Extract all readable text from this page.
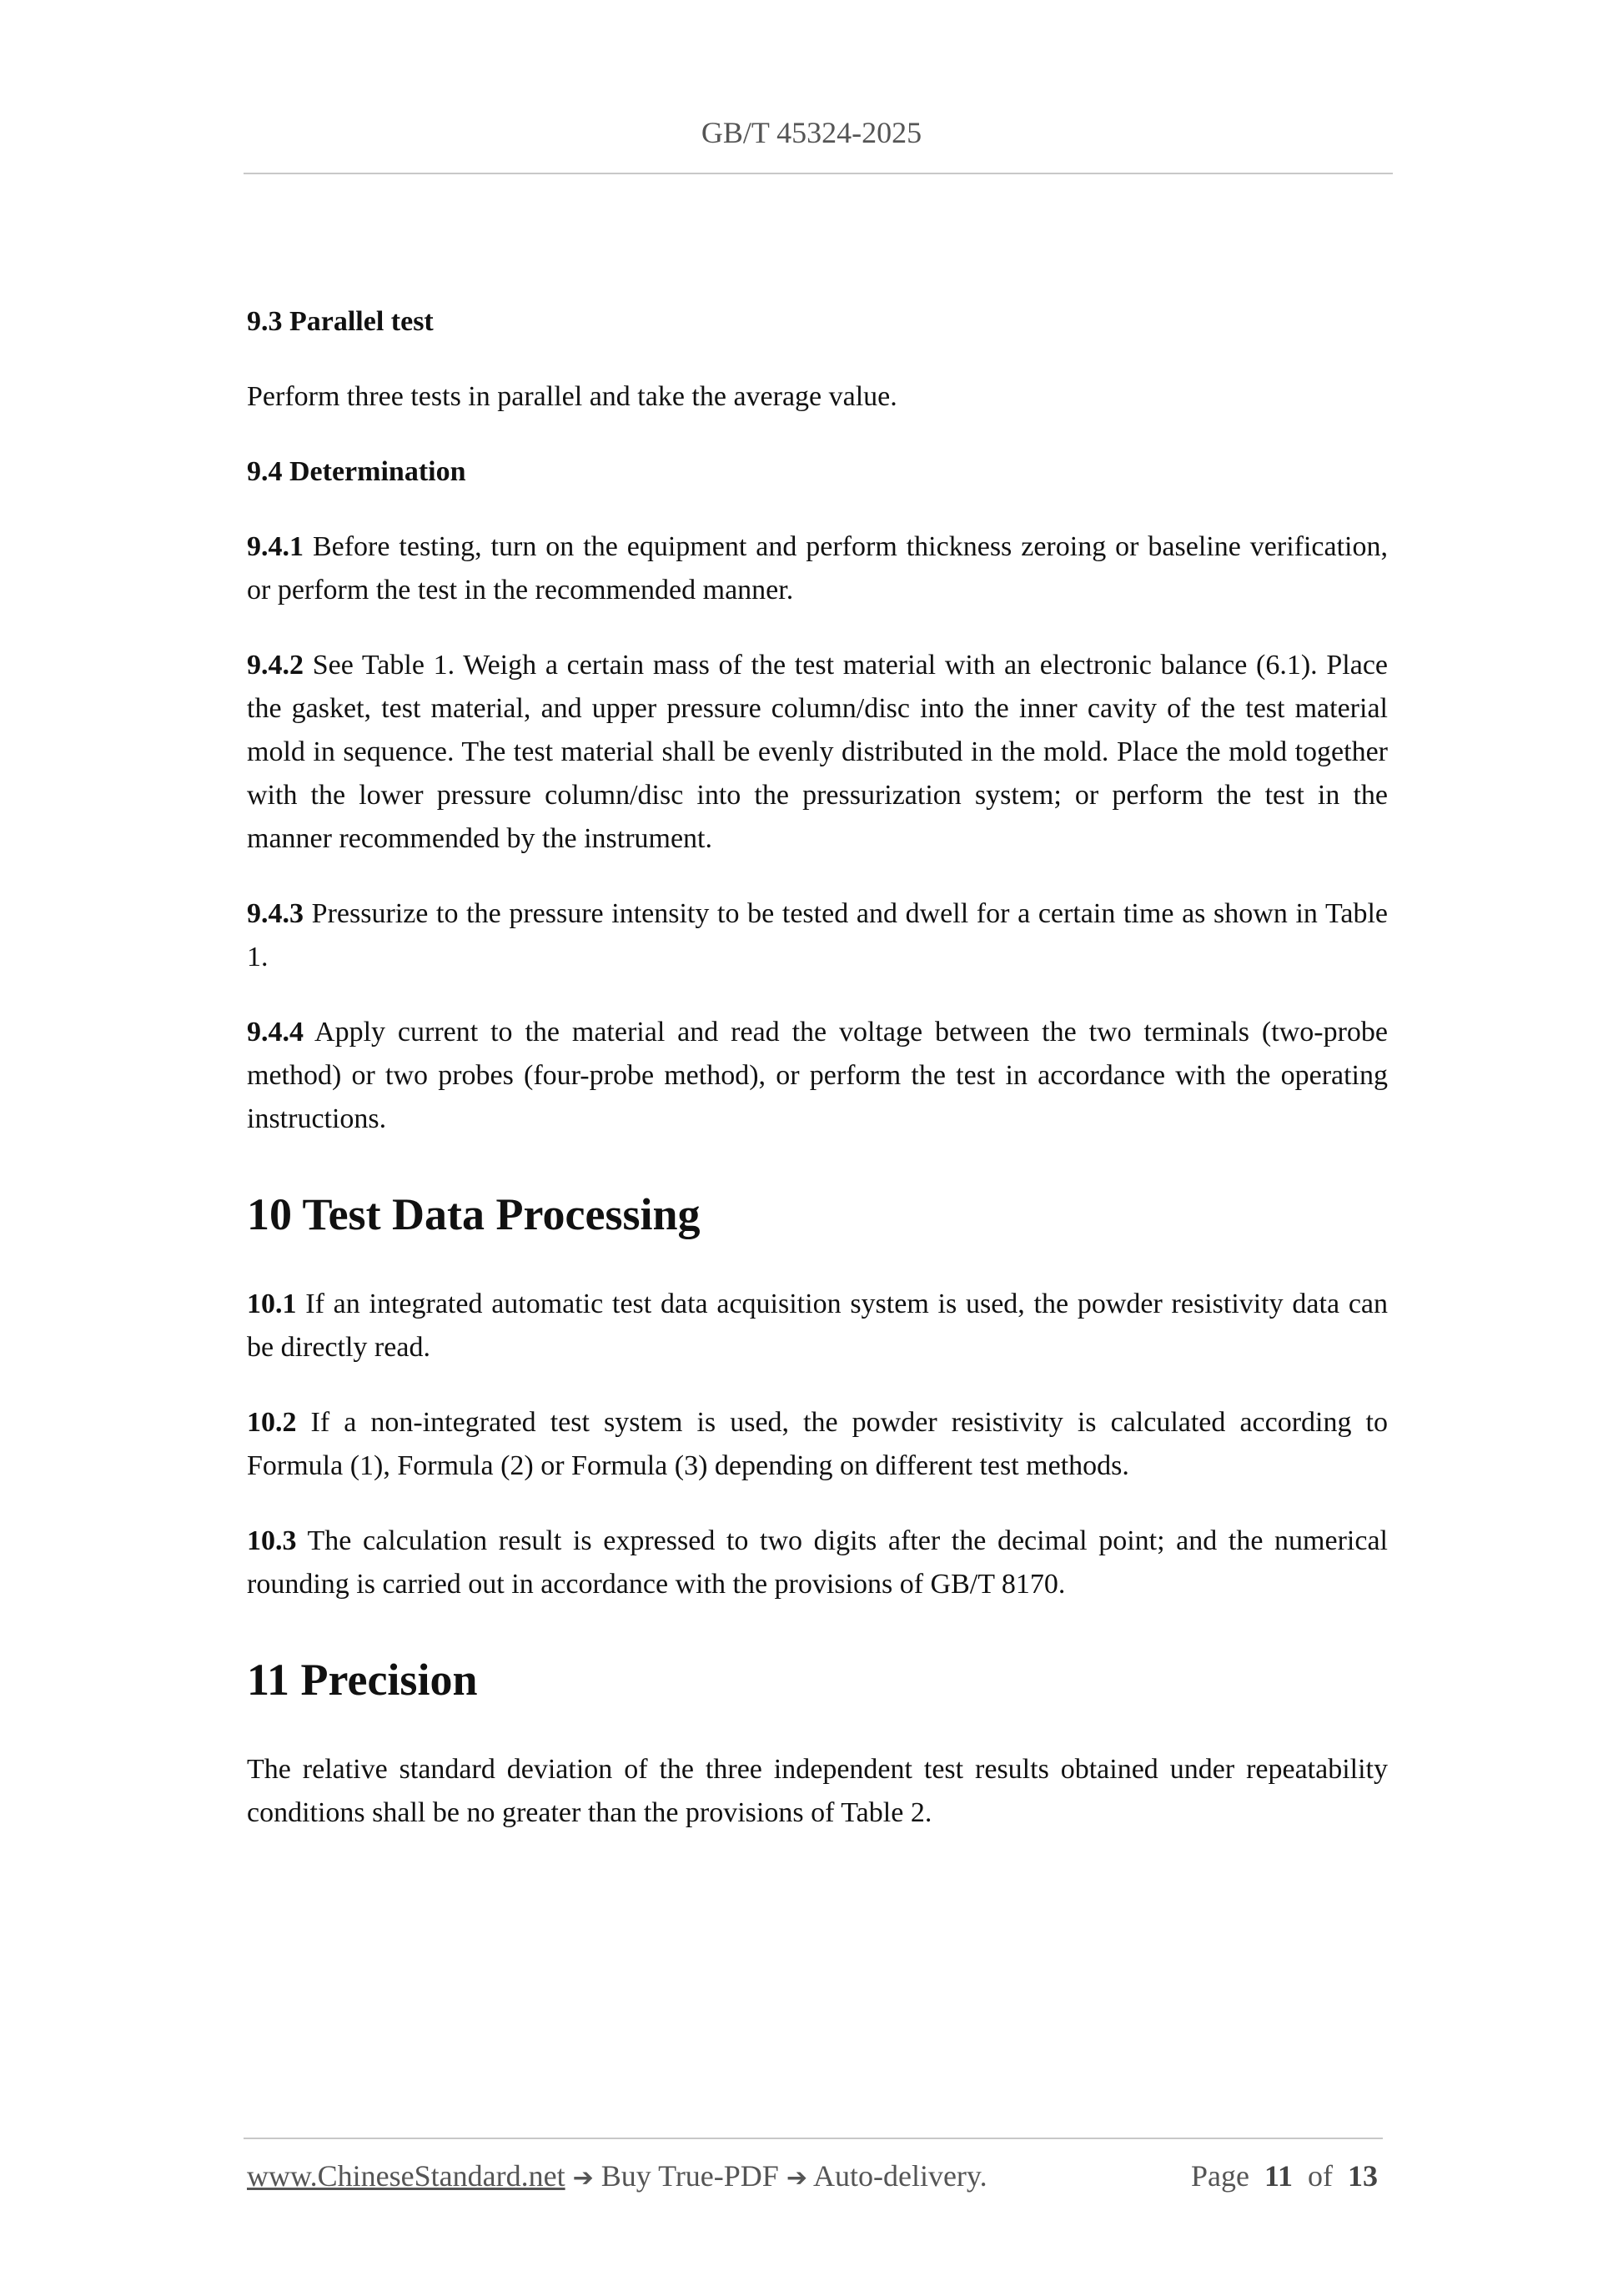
GB/T 45324-2025

9.3 Parallel test

Perform three tests in parallel and take the average value.

9.4 Determination

9.4.1 Before testing, turn on the equipment and perform thickness zeroing or baseline verification, or perform the test in the recommended manner.

9.4.2 See Table 1. Weigh a certain mass of the test material with an electronic balance (6.1). Place the gasket, test material, and upper pressure column/disc into the inner cavity of the test material mold in sequence. The test material shall be evenly distributed in the mold. Place the mold together with the lower pressure column/disc into the pressurization system; or perform the test in the manner recommended by the instrument.

9.4.3 Pressurize to the pressure intensity to be tested and dwell for a certain time as shown in Table 1.

9.4.4 Apply current to the material and read the voltage between the two terminals (two-probe method) or two probes (four-probe method), or perform the test in accordance with the operating instructions.

10 Test Data Processing

10.1 If an integrated automatic test data acquisition system is used, the powder resistivity data can be directly read.

10.2 If a non-integrated test system is used, the powder resistivity is calculated according to Formula (1), Formula (2) or Formula (3) depending on different test methods.

10.3 The calculation result is expressed to two digits after the decimal point; and the numerical rounding is carried out in accordance with the provisions of GB/T 8170.

11 Precision

The relative standard deviation of the three independent test results obtained under repeatability conditions shall be no greater than the provisions of Table 2.

www.ChineseStandard.net ➔ Buy True-PDF ➔ Auto-delivery.	Page 11 of 13
